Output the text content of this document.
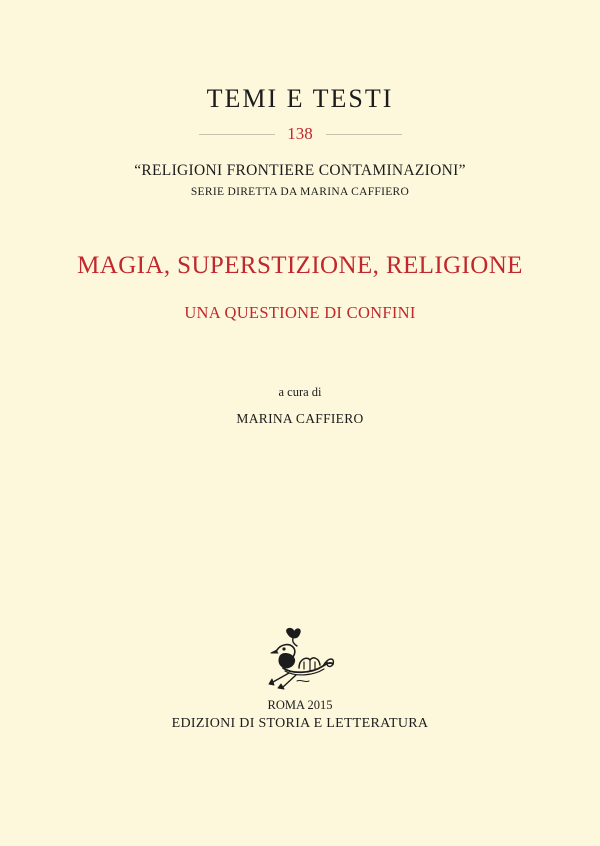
TEMI E TESTI
138
“RELIGIONI FRONTIERE CONTAMINAZIONI”
SERIE DIRETTA DA MARINA CAFFIERO
MAGIA, SUPERSTIZIONE, RELIGIONE
UNA QUESTIONE DI CONFINI
a cura di
MARINA CAFFIERO
ROMA 2015
EDIZIONI DI STORIA E LETTERATURA
